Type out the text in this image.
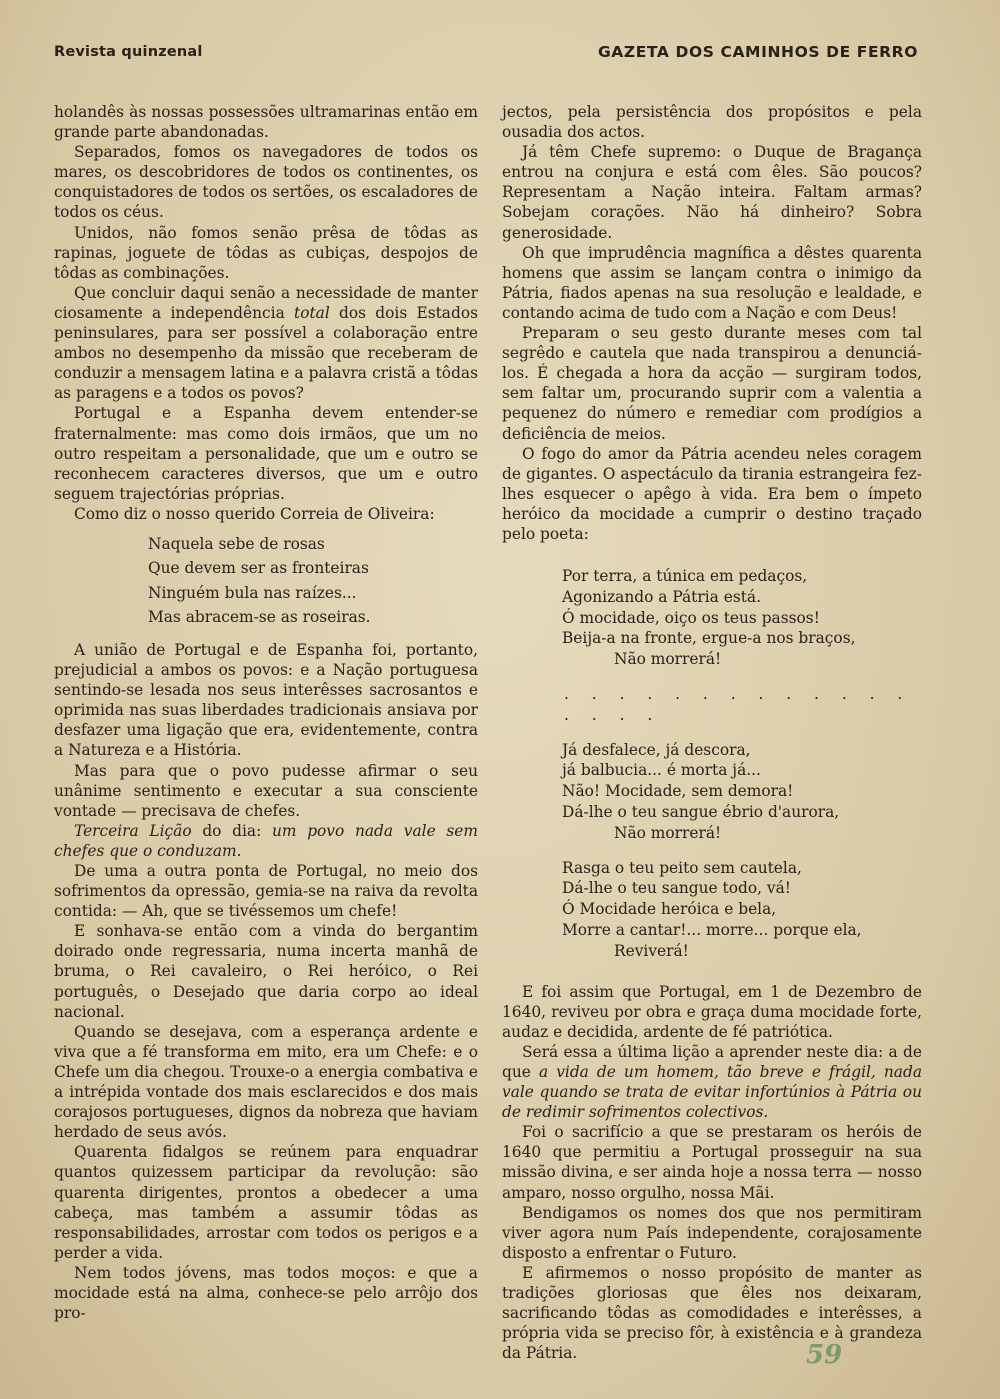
Revista quinzenal	GAZETA DOS CAMINHOS DE FERRO

holandês às nossas possessões ultramarinas então em grande parte abandonadas.

Separados, fomos os navegadores de todos os mares, os descobridores de todos os continentes, os conquistadores de todos os sertões, os escaladores de todos os céus.

Unidos, não fomos senão prêsa de tôdas as rapinas, joguete de tôdas as cubiças, despojos de tôdas as combinações.

Que concluir daqui senão a necessidade de manter ciosamente a independência total dos dois Estados peninsulares, para ser possível a colaboração entre ambos no desempenho da missão que receberam de conduzir a mensagem latina e a palavra cristã a tôdas as paragens e a todos os povos?

Portugal e a Espanha devem entender-se fraternalmente: mas como dois irmãos, que um no outro respeitam a personalidade, que um e outro se reconhecem caracteres diversos, que um e outro seguem trajectórias próprias.

Como diz o nosso querido Correia de Oliveira:

Naquela sebe de rosas
Que devem ser as fronteiras
Ninguém bula nas raízes...
Mas abracem-se as roseiras.

A união de Portugal e de Espanha foi, portanto, prejudicial a ambos os povos: e a Nação portuguesa sentindo-se lesada nos seus interêsses sacrosantos e oprimida nas suas liberdades tradicionais ansiava por desfazer uma ligação que era, evidentemente, contra a Natureza e a História.

Mas para que o povo pudesse afirmar o seu unânime sentimento e executar a sua consciente vontade — precisava de chefes.

Terceira Lição do dia: um povo nada vale sem chefes que o conduzam.

De uma a outra ponta de Portugal, no meio dos sofrimentos da opressão, gemia-se na raiva da revolta contida: — Ah, que se tivéssemos um chefe!

E sonhava-se então com a vinda do bergantim doirado onde regressaria, numa incerta manhã de bruma, o Rei cavaleiro, o Rei heróico, o Rei português, o Desejado que daria corpo ao ideal nacional.

Quando se desejava, com a esperança ardente e viva que a fé transforma em mito, era um Chefe: e o Chefe um dia chegou. Trouxe-o a energia combativa e a intrépida vontade dos mais esclarecidos e dos mais corajosos portugueses, dignos da nobreza que haviam herdado de seus avós.

Quarenta fidalgos se reúnem para enquadrar quantos quizessem participar da revolução: são quarenta dirigentes, prontos a obedecer a uma cabeça, mas também a assumir tôdas as responsabilidades, arrostar com todos os perigos e a perder a vida.

Nem todos jóvens, mas todos moços: e que a mocidade está na alma, conhece-se pelo arrôjo dos pro-

jectos, pela persistência dos propósitos e pela ousadia dos actos.

Já têm Chefe supremo: o Duque de Bragança entrou na conjura e está com êles. São poucos? Representam a Nação inteira. Faltam armas? Sobejam corações. Não há dinheiro? Sobra generosidade.

Oh que imprudência magnífica a dêstes quarenta homens que assim se lançam contra o inimigo da Pátria, fiados apenas na sua resolução e lealdade, e contando acima de tudo com a Nação e com Deus!

Preparam o seu gesto durante meses com tal segrêdo e cautela que nada transpirou a denunciá-los. É chegada a hora da acção — surgiram todos, sem faltar um, procurando suprir com a valentia a pequenez do número e remediar com prodígios a deficiência de meios.

O fogo do amor da Pátria acendeu neles coragem de gigantes. O aspectáculo da tirania estrangeira fez-lhes esquecer o apêgo à vida. Era bem o ímpeto heróico da mocidade a cumprir o destino traçado pelo poeta:

Por terra, a túnica em pedaços,
Agonizando a Pátria está.
Ó mocidade, oiço os teus passos!
Beija-a na fronte, ergue-a nos braços,
Não morrerá!
. . . . . . . . . . . . . . . . .
Já desfalece, já descora,
já balbucia... é morta já...
Não! Mocidade, sem demora!
Dá-lhe o teu sangue ébrio d'aurora,
Não morrerá!
Rasga o teu peito sem cautela,
Dá-lhe o teu sangue todo, vá!
Ó Mocidade heróica e bela,
Morre a cantar!... morre... porque ela,
Reviverá!

E foi assim que Portugal, em 1 de Dezembro de 1640, reviveu por obra e graça duma mocidade forte, audaz e decidida, ardente de fé patriótica.

Será essa a última lição a aprender neste dia: a de que a vida de um homem, tão breve e frágil, nada vale quando se trata de evitar infortúnios à Pátria ou de redimir sofrimentos colectivos.

Foi o sacrifício a que se prestaram os heróis de 1640 que permitiu a Portugal prosseguir na sua missão divina, e ser ainda hoje a nossa terra — nosso amparo, nosso orgulho, nossa Mãi.

Bendigamos os nomes dos que nos permitiram viver agora num País independente, corajosamente disposto a enfrentar o Futuro.

E afirmemos o nosso propósito de manter as tradições gloriosas que êles nos deixaram, sacrificando tôdas as comodidades e interêsses, a própria vida se preciso fôr, à existência e à grandeza da Pátria.	59
